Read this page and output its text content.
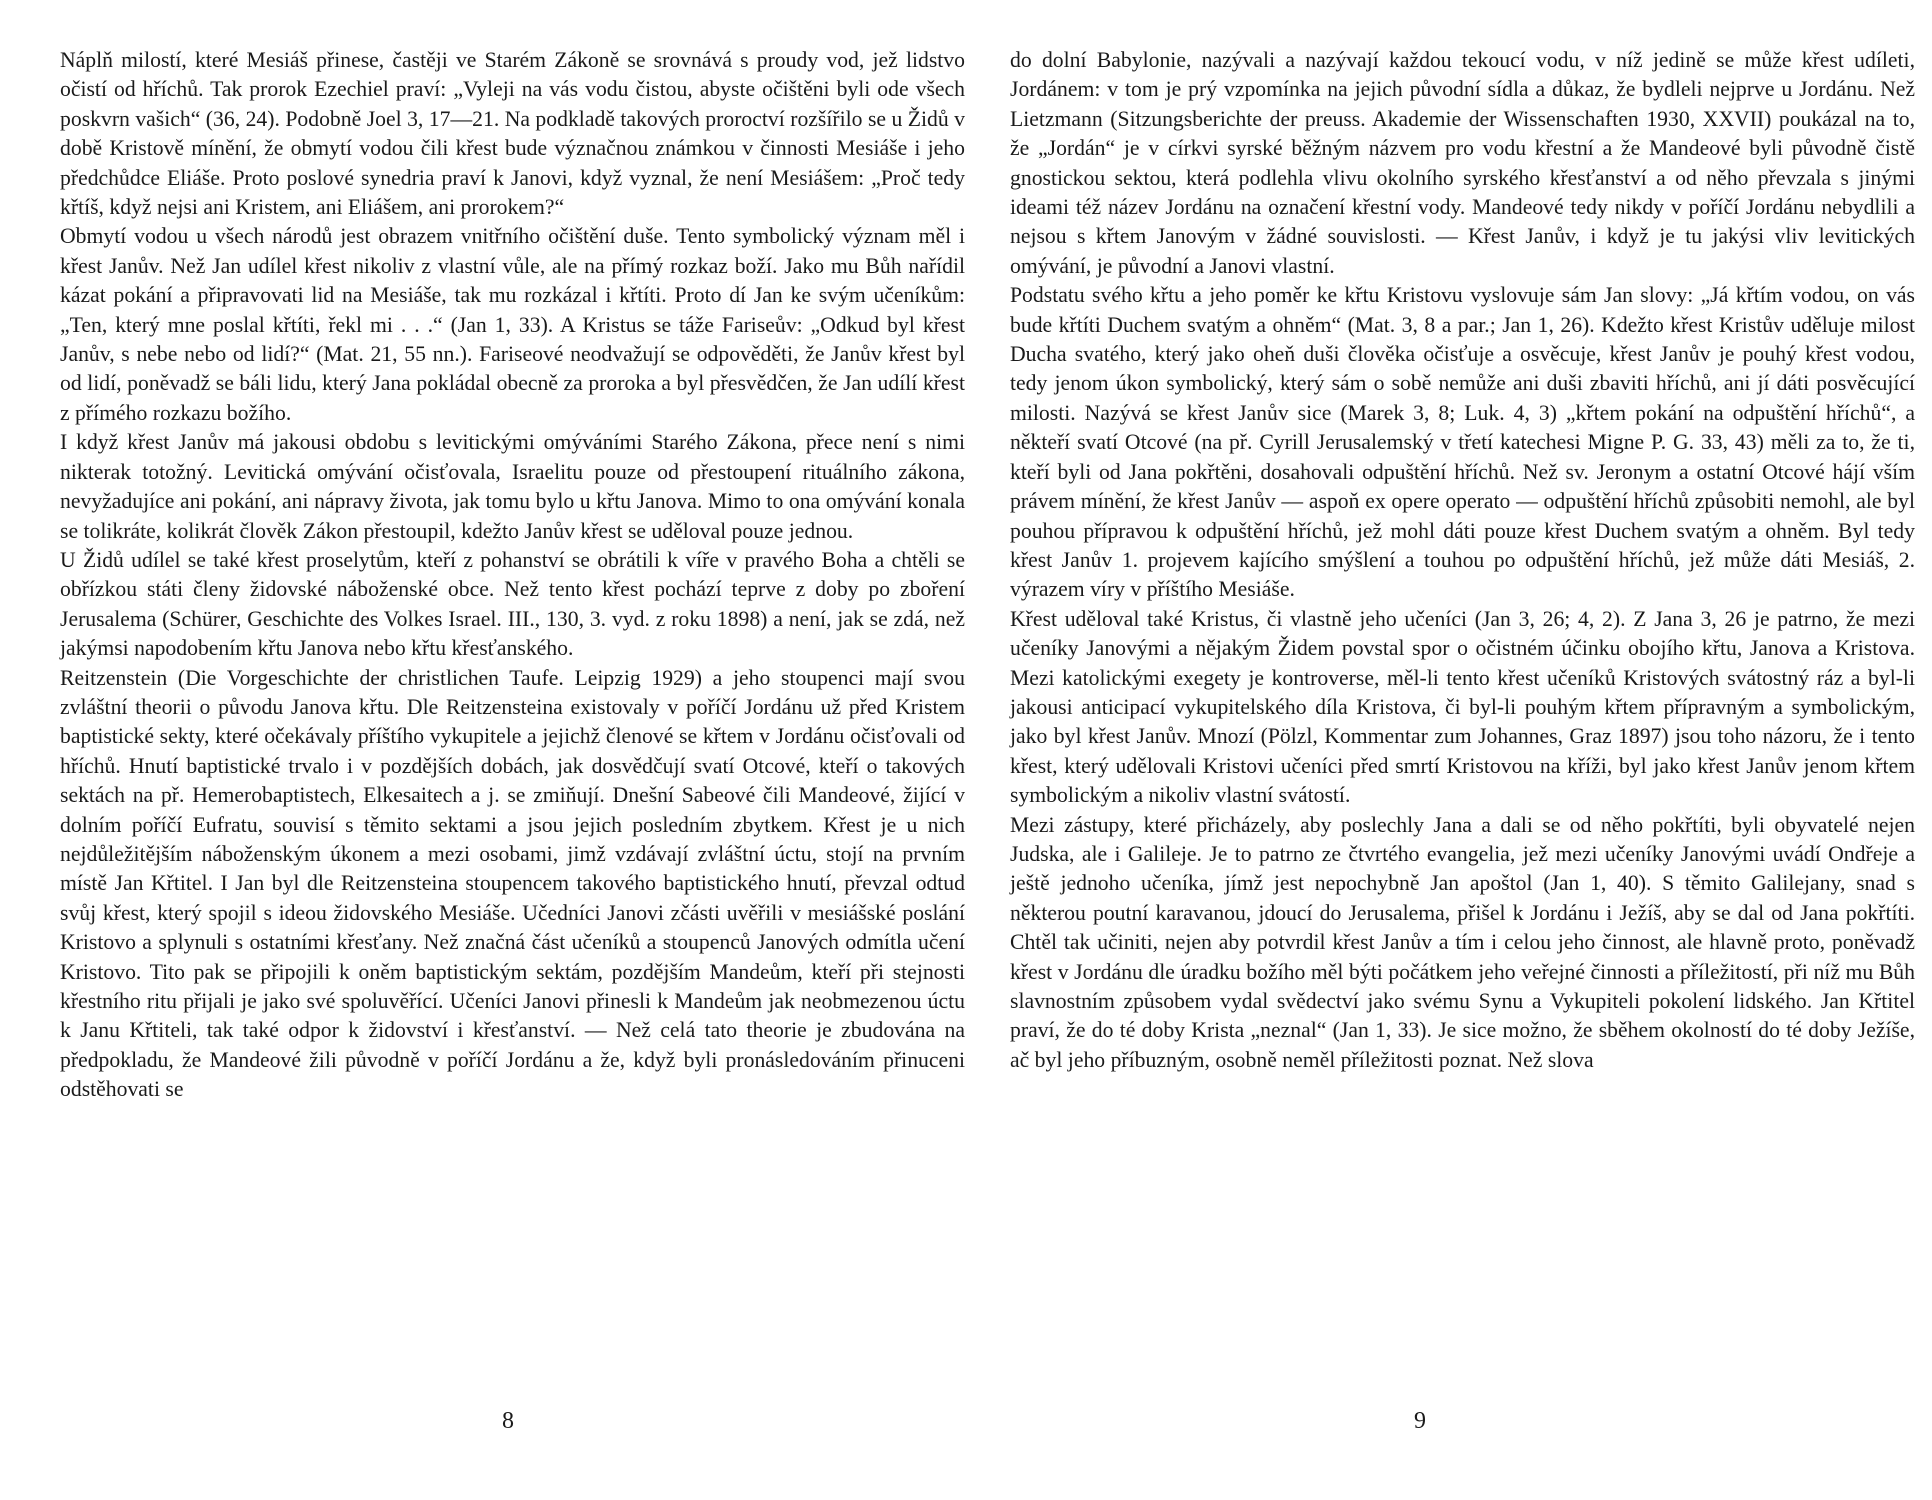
Náplň milostí, které Mesiáš přinese, častěji ve Starém Zákoně se srovnává s proudy vod, jež lidstvo očistí od hříchů. Tak prorok Ezechiel praví: „Vyleji na vás vodu čistou, abyste očištěni byli ode všech poskvrn vašich“ (36, 24). Podobně Joel 3, 17—21. Na podkladě takových proroctví rozšířilo se u Židů v době Kristově mínění, že obmytí vodou čili křest bude význačnou známkou v činnosti Mesiáše i jeho předchůdce Eliáše. Proto poslové synedria praví k Janovi, když vyznal, že není Mesiášem: „Proč tedy křtíš, když nejsi ani Kristem, ani Eliášem, ani prorokem?“

Obmytí vodou u všech národů jest obrazem vnitřního očištění duše. Tento symbolický význam měl i křest Janův. Než Jan udílel křest nikoliv z vlastní vůle, ale na přímý rozkaz boží. Jako mu Bůh nařídil kázat pokání a připravovati lid na Mesiáše, tak mu rozkázal i křtíti. Proto dí Jan ke svým učeníkům: „Ten, který mne poslal křtíti, řekl mi . . .“ (Jan 1, 33). A Kristus se táže Fariseův: „Odkud byl křest Janův, s nebe nebo od lidí?“ (Mat. 21, 55 nn.). Fariseové neodvažují se odpověděti, že Janův křest byl od lidí, poněvadž se báli lidu, který Jana pokládal obecně za proroka a byl přesvědčen, že Jan udílí křest z přímého rozkazu božího.

I když křest Janův má jakousi obdobu s levitickými omýváními Starého Zákona, přece není s nimi nikterak totožný. Levitická omývání očisťovala, Israelitu pouze od přestoupení rituálního zákona, nevyžadujíce ani pokání, ani nápravy života, jak tomu bylo u křtu Janova. Mimo to ona omývání konala se tolikráte, kolikrát člověk Zákon přestoupil, kdežto Janův křest se uděloval pouze jednou.

U Židů udílel se také křest proselytům, kteří z pohanství se obrátili k víře v pravého Boha a chtěli se obřízkou státi členy židovské náboženské obce. Než tento křest pochází teprve z doby po zboření Jerusalema (Schürer, Geschichte des Volkes Israel. III., 130, 3. vyd. z roku 1898) a není, jak se zdá, než jakýmsi napodobením křtu Janova nebo křtu křesťanského.

Reitzenstein (Die Vorgeschichte der christlichen Taufe. Leipzig 1929) a jeho stoupenci mají svou zvláštní theorii o původu Janova křtu. Dle Reitzensteina existovaly v poříčí Jordánu už před Kristem baptistické sekty, které očekávaly příštího vykupitele a jejichž členové se křtem v Jordánu očisťovali od hříchů. Hnutí baptistické trvalo i v pozdějších dobách, jak dosvědčují svatí Otcové, kteří o takových sektách na př. Hemerobaptistech, Elkesaitech a j. se zmiňují. Dnešní Sabeové čili Mandeové, žijící v dolním poříčí Eufratu, souvisí s těmito sektami a jsou jejich posledním zbytkem. Křest je u nich nejdůležitějším náboženským úkonem a mezi osobami, jimž vzdávají zvláštní úctu, stojí na prvním místě Jan Křtitel. I Jan byl dle Reitzensteina stoupencem takového baptistického hnutí, převzal odtud svůj křest, který spojil s ideou židovského Mesiáše. Učedníci Janovi zčásti uvěřili v mesiášské poslání Kristovo a splynuli s ostatními křesťany. Než značná část učeníků a stoupenců Janových odmítla učení Kristovo. Tito pak se připojili k oněm baptistickým sektám, pozdějším Mandeům, kteří při stejnosti křestního ritu přijali je jako své spoluvěřící. Učeníci Janovi přinesli k Mandeům jak neobmezenou úctu k Janu Křtiteli, tak také odpor k židovství i křesťanství. — Než celá tato theorie je zbudována na předpokladu, že Mandeové žili původně v poříčí Jordánu a že, když byli pronásledováním přinuceni odstěhovati se

8

do dolní Babylonie, nazývali a nazývají každou tekoucí vodu, v níž jedině se může křest udíleti, Jordánem: v tom je prý vzpomínka na jejich původní sídla a důkaz, že bydleli nejprve u Jordánu. Než Lietzmann (Sitzungsberichte der preuss. Akademie der Wissenschaften 1930, XXVII) poukázal na to, že „Jordán“ je v církvi syrské běžným názvem pro vodu křestní a že Mandeové byli původně čistě gnostickou sektou, která podlehla vlivu okolního syrského křesťanství a od něho převzala s jinými ideami též název Jordánu na označení křestní vody. Mandeové tedy nikdy v poříčí Jordánu nebydlili a nejsou s křtem Janovým v žádné souvislosti. — Křest Janův, i když je tu jakýsi vliv levitických omývání, je původní a Janovi vlastní.

Podstatu svého křtu a jeho poměr ke křtu Kristovu vyslovuje sám Jan slovy: „Já křtím vodou, on vás bude křtíti Duchem svatým a ohněm“ (Mat. 3, 8 a par.; Jan 1, 26). Kdežto křest Kristův uděluje milost Ducha svatého, který jako oheň duši člověka očisťuje a osvěcuje, křest Janův je pouhý křest vodou, tedy jenom úkon symbolický, který sám o sobě nemůže ani duši zbaviti hříchů, ani jí dáti posvěcující milosti. Nazývá se křest Janův sice (Marek 3, 8; Luk. 4, 3) „křtem pokání na odpuštění hříchů“, a někteří svatí Otcové (na př. Cyrill Jerusalemský v třetí katechesi Migne P. G. 33, 43) měli za to, že ti, kteří byli od Jana pokřtěni, dosahovali odpuštění hříchů. Než sv. Jeronym a ostatní Otcové hájí vším právem mínění, že křest Janův — aspoň ex opere operato — odpuštění hříchů způsobiti nemohl, ale byl pouhou přípravou k odpuštění hříchů, jež mohl dáti pouze křest Duchem svatým a ohněm. Byl tedy křest Janův 1. projevem kajícího smýšlení a touhou po odpuštění hříchů, jež může dáti Mesiáš, 2. výrazem víry v příštího Mesiáše.

Křest uděloval také Kristus, či vlastně jeho učeníci (Jan 3, 26; 4, 2). Z Jana 3, 26 je patrno, že mezi učeníky Janovými a nějakým Židem povstal spor o očistném účinku obojího křtu, Janova a Kristova. Mezi katolickými exegety je kontroverse, měl-li tento křest učeníků Kristových svátostný ráz a byl-li jakousi anticipací vykupitelského díla Kristova, či byl-li pouhým křtem přípravným a symbolickým, jako byl křest Janův. Mnozí (Pölzl, Kommentar zum Johannes, Graz 1897) jsou toho názoru, že i tento křest, který udělovali Kristovi učeníci před smrtí Kristovou na kříži, byl jako křest Janův jenom křtem symbolickým a nikoliv vlastní svátostí.

Mezi zástupy, které přicházely, aby poslechly Jana a dali se od něho pokřtíti, byli obyvatelé nejen Judska, ale i Galileje. Je to patrno ze čtvrtého evangelia, jež mezi učeníky Janovými uvádí Ondřeje a ještě jednoho učeníka, jímž jest nepochybně Jan apoštol (Jan 1, 40). S těmito Galilejany, snad s některou poutní karavanou, jdoucí do Jerusalema, přišel k Jordánu i Ježíš, aby se dal od Jana pokřtíti. Chtěl tak učiniti, nejen aby potvrdil křest Janův a tím i celou jeho činnost, ale hlavně proto, poněvadž křest v Jordánu dle úradku božího měl býti počátkem jeho veřejné činnosti a příležitostí, při níž mu Bůh slavnostním způsobem vydal svědectví jako svému Synu a Vykupiteli pokolení lidského. Jan Křtitel praví, že do té doby Krista „neznal“ (Jan 1, 33). Je sice možno, že sběhem okolností do té doby Ježíše, ač byl jeho příbuzným, osobně neměl příležitosti poznat. Než slova

9
